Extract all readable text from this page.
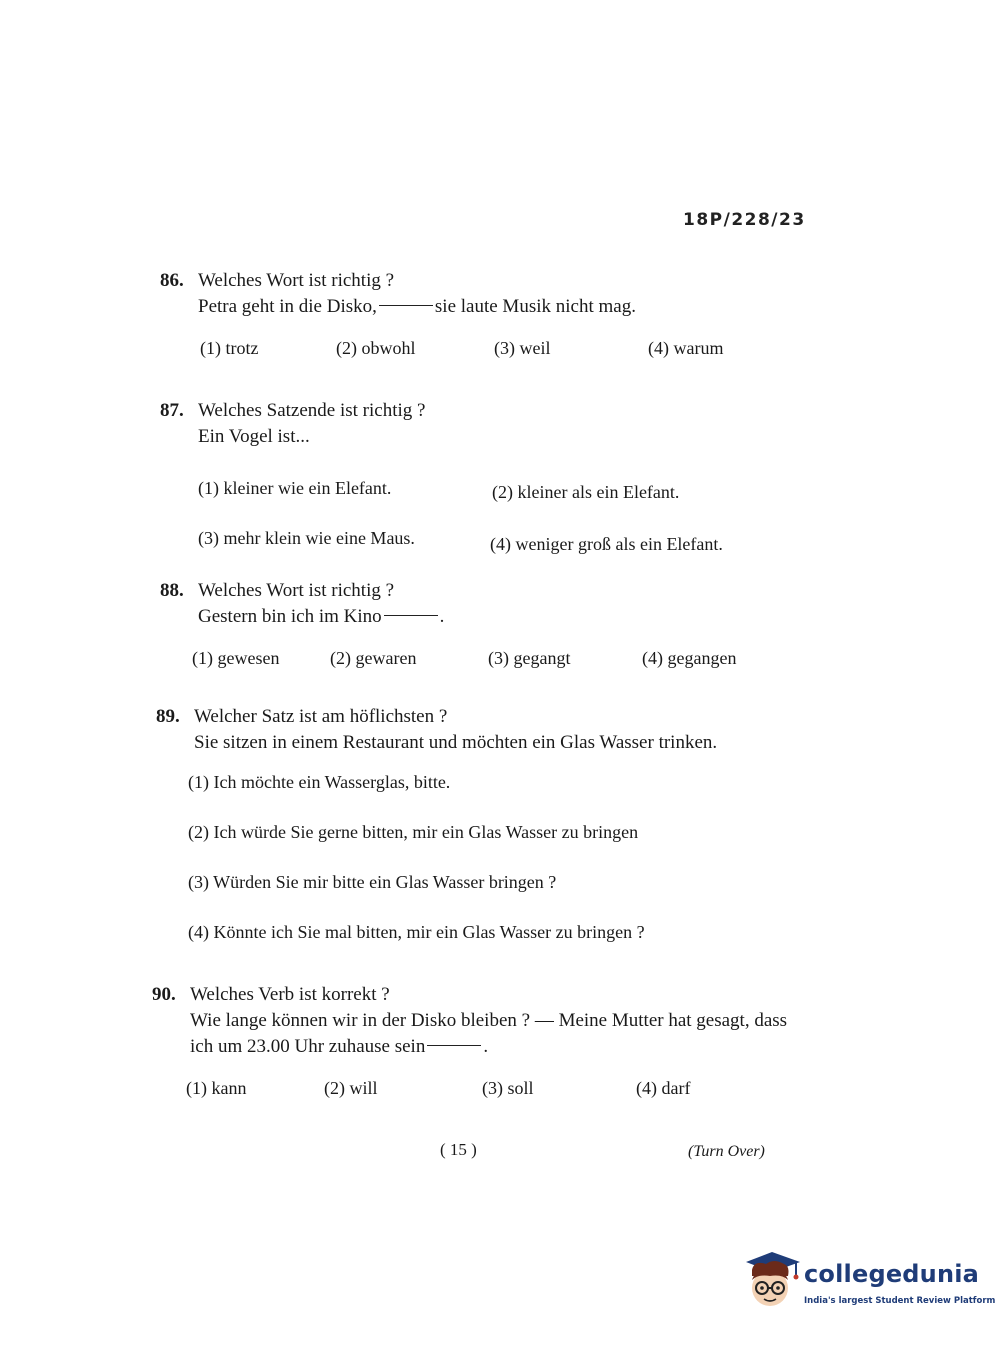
18P/228/23
86. Welches Wort ist richtig ?
Petra geht in die Disko,	sie laute Musik nicht mag.
(1) trotz	(2) obwohl	(3) weil	(4) warum
87. Welches Satzende ist richtig ?
Ein Vogel ist...
(1) kleiner wie ein Elefant.	(2) kleiner als ein Elefant.
(3) mehr klein wie eine Maus.	(4) weniger groß als ein Elefant.
88. Welches Wort ist richtig ?
Gestern bin ich im Kino	.
(1) gewesen	(2) gewaren	(3) gegangt	(4) gegangen
89. Welcher Satz ist am höflichsten ?
Sie sitzen in einem Restaurant und möchten ein Glas Wasser trinken.
(1) Ich möchte ein Wasserglas, bitte.
(2) Ich würde Sie gerne bitten, mir ein Glas Wasser zu bringen
(3) Würden Sie mir bitte ein Glas Wasser bringen ?
(4) Könnte ich Sie mal bitten, mir ein Glas Wasser zu bringen ?
90. Welches Verb ist korrekt ?
Wie lange können wir in der Disko bleiben ? — Meine Mutter hat gesagt, dass
ich um 23.00 Uhr zuhause sein	.
(1) kann	(2) will	(3) soll	(4) darf
( 15 )	(Turn Over)
collegedunia
India's largest Student Review Platform
